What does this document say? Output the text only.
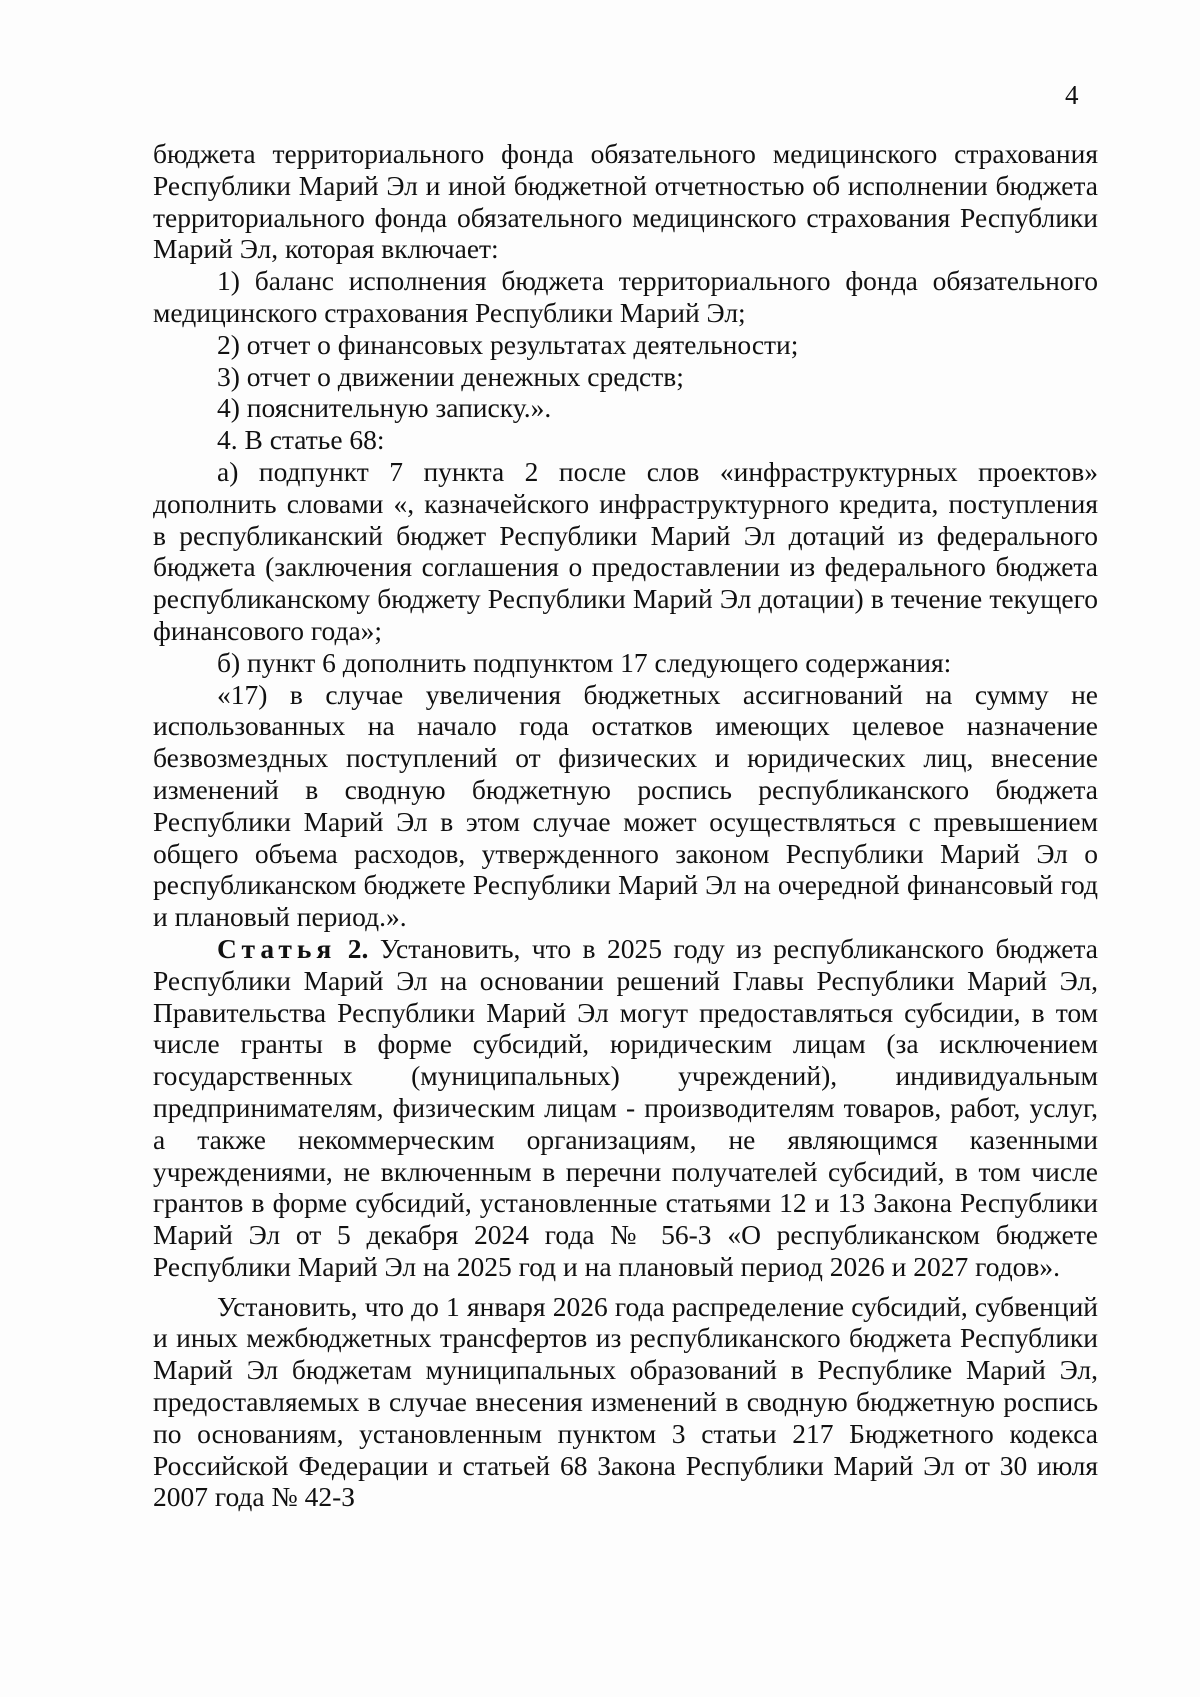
4

бюджета территориального фонда обязательного медицинского страхования Республики Марий Эл и иной бюджетной отчетностью об исполнении бюджета территориального фонда обязательного медицинского страхования Республики Марий Эл, которая включает:

1) баланс исполнения бюджета территориального фонда обязательного медицинского страхования Республики Марий Эл;

2) отчет о финансовых результатах деятельности;

3) отчет о движении денежных средств;

4) пояснительную записку.».

4. В статье 68:

а) подпункт 7 пункта 2 после слов «инфраструктурных проектов» дополнить словами «, казначейского инфраструктурного кредита, поступления в республиканский бюджет Республики Марий Эл дотаций из федерального бюджета (заключения соглашения о предоставлении из федерального бюджета республиканскому бюджету Республики Марий Эл дотации) в течение текущего финансового года»;

б) пункт 6 дополнить подпунктом 17 следующего содержания:

«17) в случае увеличения бюджетных ассигнований на сумму не использованных на начало года остатков имеющих целевое назначение безвозмездных поступлений от физических и юридических лиц, внесение изменений в сводную бюджетную роспись республиканского бюджета Республики Марий Эл в этом случае может осуществляться с превышением общего объема расходов, утвержденного законом Республики Марий Эл о республиканском бюджете Республики Марий Эл на очередной финансовый год и плановый период.».

Статья 2. Установить, что в 2025 году из республиканского бюджета Республики Марий Эл на основании решений Главы Республики Марий Эл, Правительства Республики Марий Эл могут предоставляться субсидии, в том числе гранты в форме субсидий, юридическим лицам (за исключением государственных (муниципальных) учреждений), индивидуальным предпринимателям, физическим лицам - производителям товаров, работ, услуг, а также некоммерческим организациям, не являющимся казенными учреждениями, не включенным в перечни получателей субсидий, в том числе грантов в форме субсидий, установленные статьями 12 и 13 Закона Республики Марий Эл от 5 декабря 2024 года № 56-З «О республиканском бюджете Республики Марий Эл на 2025 год и на плановый период 2026 и 2027 годов».

Установить, что до 1 января 2026 года распределение субсидий, субвенций и иных межбюджетных трансфертов из республиканского бюджета Республики Марий Эл бюджетам муниципальных образований в Республике Марий Эл, предоставляемых в случае внесения изменений в сводную бюджетную роспись по основаниям, установленным пунктом 3 статьи 217 Бюджетного кодекса Российской Федерации и статьей 68 Закона Республики Марий Эл от 30 июля 2007 года № 42-З
